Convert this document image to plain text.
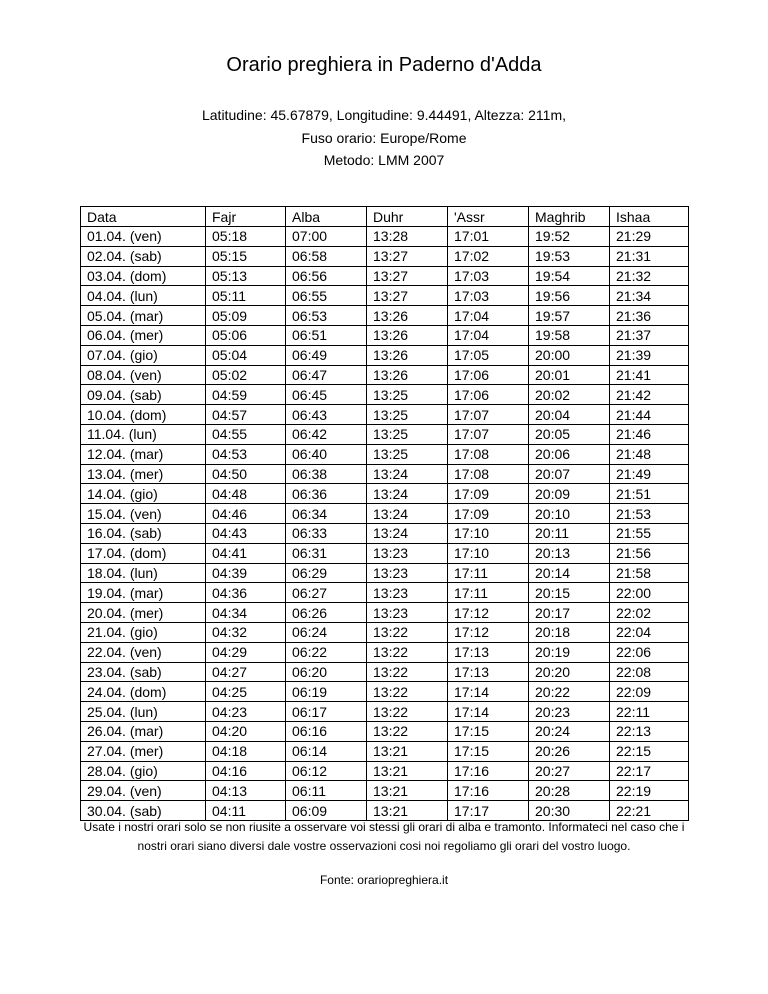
Orario preghiera in Paderno d'Adda
Latitudine: 45.67879, Longitudine: 9.44491, Altezza: 211m,
Fuso orario: Europe/Rome
Metodo: LMM 2007
Data	Fajr	Alba	Duhr	'Assr	Maghrib	Ishaa
01.04. (ven)	05:18	07:00	13:28	17:01	19:52	21:29
02.04. (sab)	05:15	06:58	13:27	17:02	19:53	21:31
03.04. (dom)	05:13	06:56	13:27	17:03	19:54	21:32
04.04. (lun)	05:11	06:55	13:27	17:03	19:56	21:34
05.04. (mar)	05:09	06:53	13:26	17:04	19:57	21:36
06.04. (mer)	05:06	06:51	13:26	17:04	19:58	21:37
07.04. (gio)	05:04	06:49	13:26	17:05	20:00	21:39
08.04. (ven)	05:02	06:47	13:26	17:06	20:01	21:41
09.04. (sab)	04:59	06:45	13:25	17:06	20:02	21:42
10.04. (dom)	04:57	06:43	13:25	17:07	20:04	21:44
11.04. (lun)	04:55	06:42	13:25	17:07	20:05	21:46
12.04. (mar)	04:53	06:40	13:25	17:08	20:06	21:48
13.04. (mer)	04:50	06:38	13:24	17:08	20:07	21:49
14.04. (gio)	04:48	06:36	13:24	17:09	20:09	21:51
15.04. (ven)	04:46	06:34	13:24	17:09	20:10	21:53
16.04. (sab)	04:43	06:33	13:24	17:10	20:11	21:55
17.04. (dom)	04:41	06:31	13:23	17:10	20:13	21:56
18.04. (lun)	04:39	06:29	13:23	17:11	20:14	21:58
19.04. (mar)	04:36	06:27	13:23	17:11	20:15	22:00
20.04. (mer)	04:34	06:26	13:23	17:12	20:17	22:02
21.04. (gio)	04:32	06:24	13:22	17:12	20:18	22:04
22.04. (ven)	04:29	06:22	13:22	17:13	20:19	22:06
23.04. (sab)	04:27	06:20	13:22	17:13	20:20	22:08
24.04. (dom)	04:25	06:19	13:22	17:14	20:22	22:09
25.04. (lun)	04:23	06:17	13:22	17:14	20:23	22:11
26.04. (mar)	04:20	06:16	13:22	17:15	20:24	22:13
27.04. (mer)	04:18	06:14	13:21	17:15	20:26	22:15
28.04. (gio)	04:16	06:12	13:21	17:16	20:27	22:17
29.04. (ven)	04:13	06:11	13:21	17:16	20:28	22:19
30.04. (sab)	04:11	06:09	13:21	17:17	20:30	22:21
Usate i nostri orari solo se non riusite a osservare voi stessi gli orari di alba e tramonto. Informateci nel caso che i
nostri orari siano diversi dale vostre osservazioni cosi noi regoliamo gli orari del vostro luogo.
Fonte: orariopreghiera.it
